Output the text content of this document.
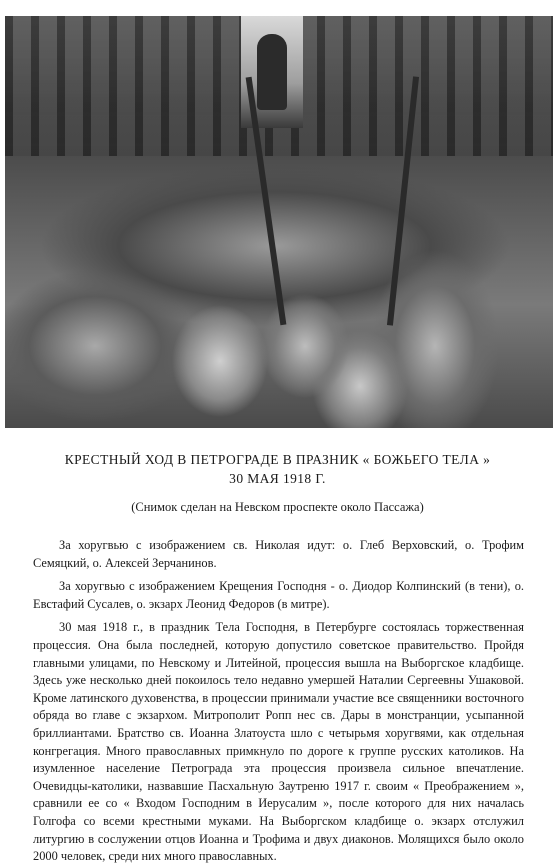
КРЕСТНЫЙ ХОД В ПЕТРОГРАДЕ В ПРАЗНИК « БОЖЬЕГО ТЕЛА »

30 МАЯ 1918 Г.

(Снимок сделан на Невском проспекте около Пассажа)

За хоругвью с изображением св. Николая идут: о. Глеб Верховский, о. Трофим Семяцкий, о. Алексей Зерчанинов.

За хоругвью с изображением Крещения Господня - о. Диодор Колпинский (в тени), о. Евстафий Сусалев, о. экзарх Леонид Федоров (в митре).

30 мая 1918 г., в праздник Тела Господня, в Петербурге состоялась торжественная процессия. Она была последней, которую допустило советское правительство. Пройдя главными улицами, по Невскому и Литейной, процессия вышла на Выборгское кладбище. Здесь уже несколько дней покоилось тело недавно умершей Наталии Сергеевны Ушаковой. Кроме латинского духовенства, в процессии принимали участие все священники восточного обряда во главе с экзархом. Митрополит Ропп нес св. Дары в монстранции, усыпанной бриллиантами. Братство св. Иоанна Златоуста шло с четырьмя хоругвями, как отдельная конгрегация. Много православных примкнуло по дороге к группе русских католиков. На изумленное население Петрограда эта процессия произвела сильное впечатление. Очевидцы-католики, назвавшие Пасхальную Заутреню 1917 г. своим « Преображением », сравнили ее со « Входом Господним в Иерусалим », после которого для них началась Голгофа со всеми крестными муками. На Выборгском кладбище о. экзарх отслужил литургию в сослужении отцов Иоанна и Трофима и двух диаконов. Молящихся было около 2000 человек, среди них много православных.
